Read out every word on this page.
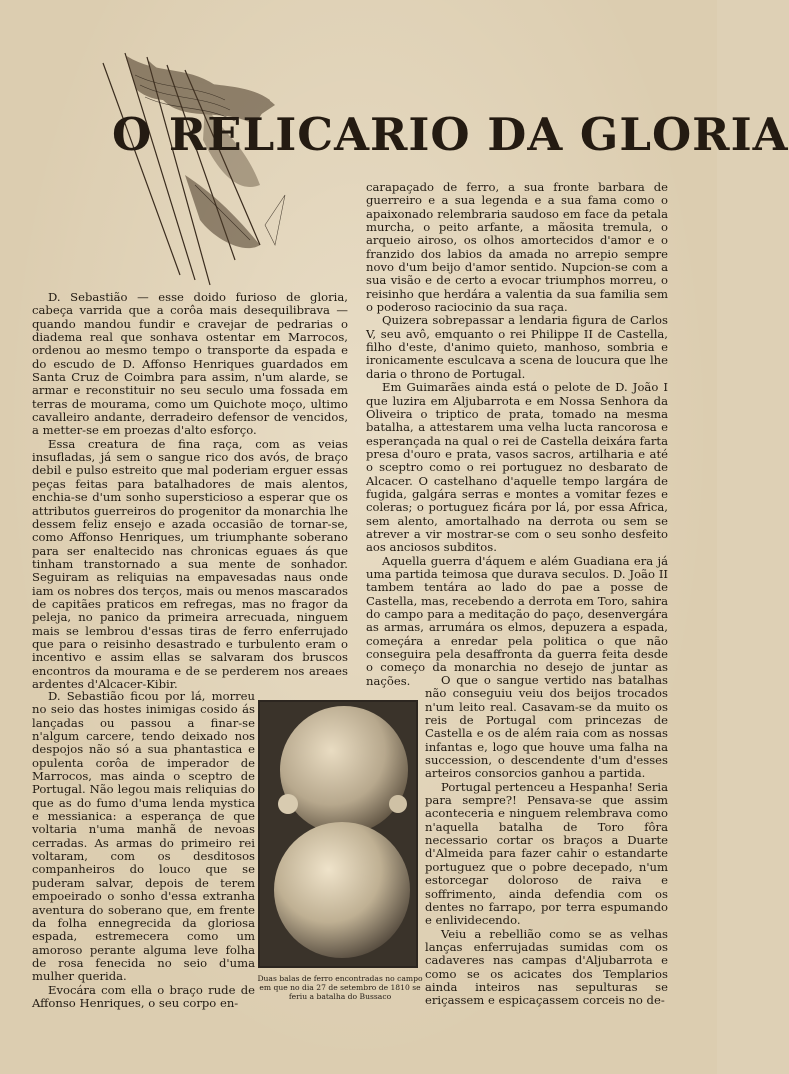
O RELICARIO DA GLORIA

D. Sebastião — esse doido furioso de gloria, cabeça varrida que a corôa mais desequilibrava — quando mandou fundir e cravejar de pedrarias o diadema real que sonhava ostentar em Marrocos, ordenou ao mesmo tempo o transporte da espada e do escudo de D. Affonso Henriques guardados em Santa Cruz de Coimbra para assim, n'um alarde, se armar e reconstituir no seu seculo uma fossada em terras de mourama, como um Quichote moço, ultimo cavalleiro andante, derradeiro defensor de vencidos, a metter-se em proezas d'alto esforço.

Essa creatura de fina raça, com as veias insufladas, já sem o sangue rico dos avós, de braço debil e pulso estreito que mal poderiam erguer essas peças feitas para batalhadores de mais alentos, enchia-se d'um sonho supersticioso a esperar que os attributos guerreiros do progenitor da monarchia lhe dessem feliz ensejo e azada occasião de tornar-se, como Affonso Henriques, um triumphante soberano para ser enaltecido nas chronicas eguaes ás que tinham transtornado a sua mente de sonhador. Seguiram as reliquias na empavesadas naus onde iam os nobres dos terços, mais ou menos mascarados de capitães praticos em refregas, mas no fragor da peleja, no panico da primeira arrecuada, ninguem mais se lembrou d'essas tiras de ferro enferrujado que para o reisinho desastrado e turbulento eram o incentivo e assim ellas se salvaram dos bruscos encontros da mourama e de se perderem nos areaes ardentes d'Alcacer-Kibir.

D. Sebastião ficou por lá, morreu no seio das hostes inimigas cosido ás lançadas ou passou a finar-se n'algum carcere, tendo deixado nos despojos não só a sua phantastica e opulenta corôa de imperador de Marrocos, mas ainda o sceptro de Portugal. Não legou mais reliquias do que as do fumo d'uma lenda mystica e messianica: a esperança de que voltaria n'uma manhã de nevoas cerradas. As armas do primeiro rei voltaram, com os desditosos companheiros do louco que se puderam salvar, depois de terem empoeirado o sonho d'essa extranha aventura do soberano que, em frente da folha ennegrecida da gloriosa espada, estremecera como um amoroso perante alguma leve folha de rosa fenecida no seio d'uma mulher querida.

Evocára com ella o braço rude de Affonso Henriques, o seu corpo en-

carapaçado de ferro, a sua fronte barbara de guerreiro e a sua legenda e a sua fama como o apaixonado relembraria saudoso em face da petala murcha, o peito arfante, a mãosita tremula, o arqueio airoso, os olhos amortecidos d'amor e o franzido dos labios da amada no arrepio sempre novo d'um beijo d'amor sentido. Nupcion-se com a sua visão e de certo a evocar triumphos morreu, o reisinho que herdára a valentia da sua familia sem o poderoso raciocinio da sua raça.

Quizera sobrepassar a lendaria figura de Carlos V, seu avô, emquanto o rei Philippe II de Castella, filho d'este, d'animo quieto, manhoso, sombria e ironicamente esculcava a scena de loucura que lhe daria o throno de Portugal.

Em Guimarães ainda está o pelote de D. João I que luzira em Aljubarrota e em Nossa Senhora da Oliveira o triptico de prata, tomado na mesma batalha, a attestarem uma velha lucta rancorosa e esperançada na qual o rei de Castella deixára farta presa d'ouro e prata, vasos sacros, artilharia e até o sceptro como o rei portuguez no desbarato de Alcacer. O castelhano d'aquelle tempo largára de fugida, galgára serras e montes a vomitar fezes e coleras; o portuguez ficára por lá, por essa Africa, sem alento, amortalhado na derrota ou sem se atrever a vir mostrar-se com o seu sonho desfeito aos anciosos subditos.

Aquella guerra d'áquem e além Guadiana era já uma partida teimosa que durava seculos. D. João II tambem tentára ao lado do pae a posse de Castella, mas, recebendo a derrota em Toro, sahira do campo para a meditação do paço, desenvergára as armas, arrumára os elmos, depuzera a espada, começára a enredar pela politica o que não conseguira pela desaffronta da guerra feita desde o começo da monarchia no desejo de juntar as nações.	O que o sangue vertido nas batalhas não conseguiu veiu dos beijos trocados n'um leito real. Casavam-se da muito os reis de Portugal com princezas de Castella e os de além raia com as nossas infantas e, logo que houve uma falha na succession, o descendente d'um d'esses arteiros consorcios ganhou a partida.

Portugal pertenceu a Hespanha! Seria para sempre?! Pensava-se que assim aconteceria e ninguem relembrava como n'aquella batalha de Toro fôra necessario cortar os braços a Duarte d'Almeida para fazer cahir o estandarte portuguez que o pobre decepado, n'um estorcegar doloroso de raiva e soffrimento, ainda defendia com os dentes no farrapo, por terra espumando e enlividecendo.

Veiu a rebellião como se as velhas lanças enferrujadas sumidas com os cadaveres nas campas d'Aljubarrota e como se os acicates dos Templarios ainda inteiros nas sepulturas se eriçassem e espicaçassem corceis no de-

Duas balas de ferro encontradas no campo em que no dia 27 de setembro de 1810 se feriu a batalha do Bussaco
